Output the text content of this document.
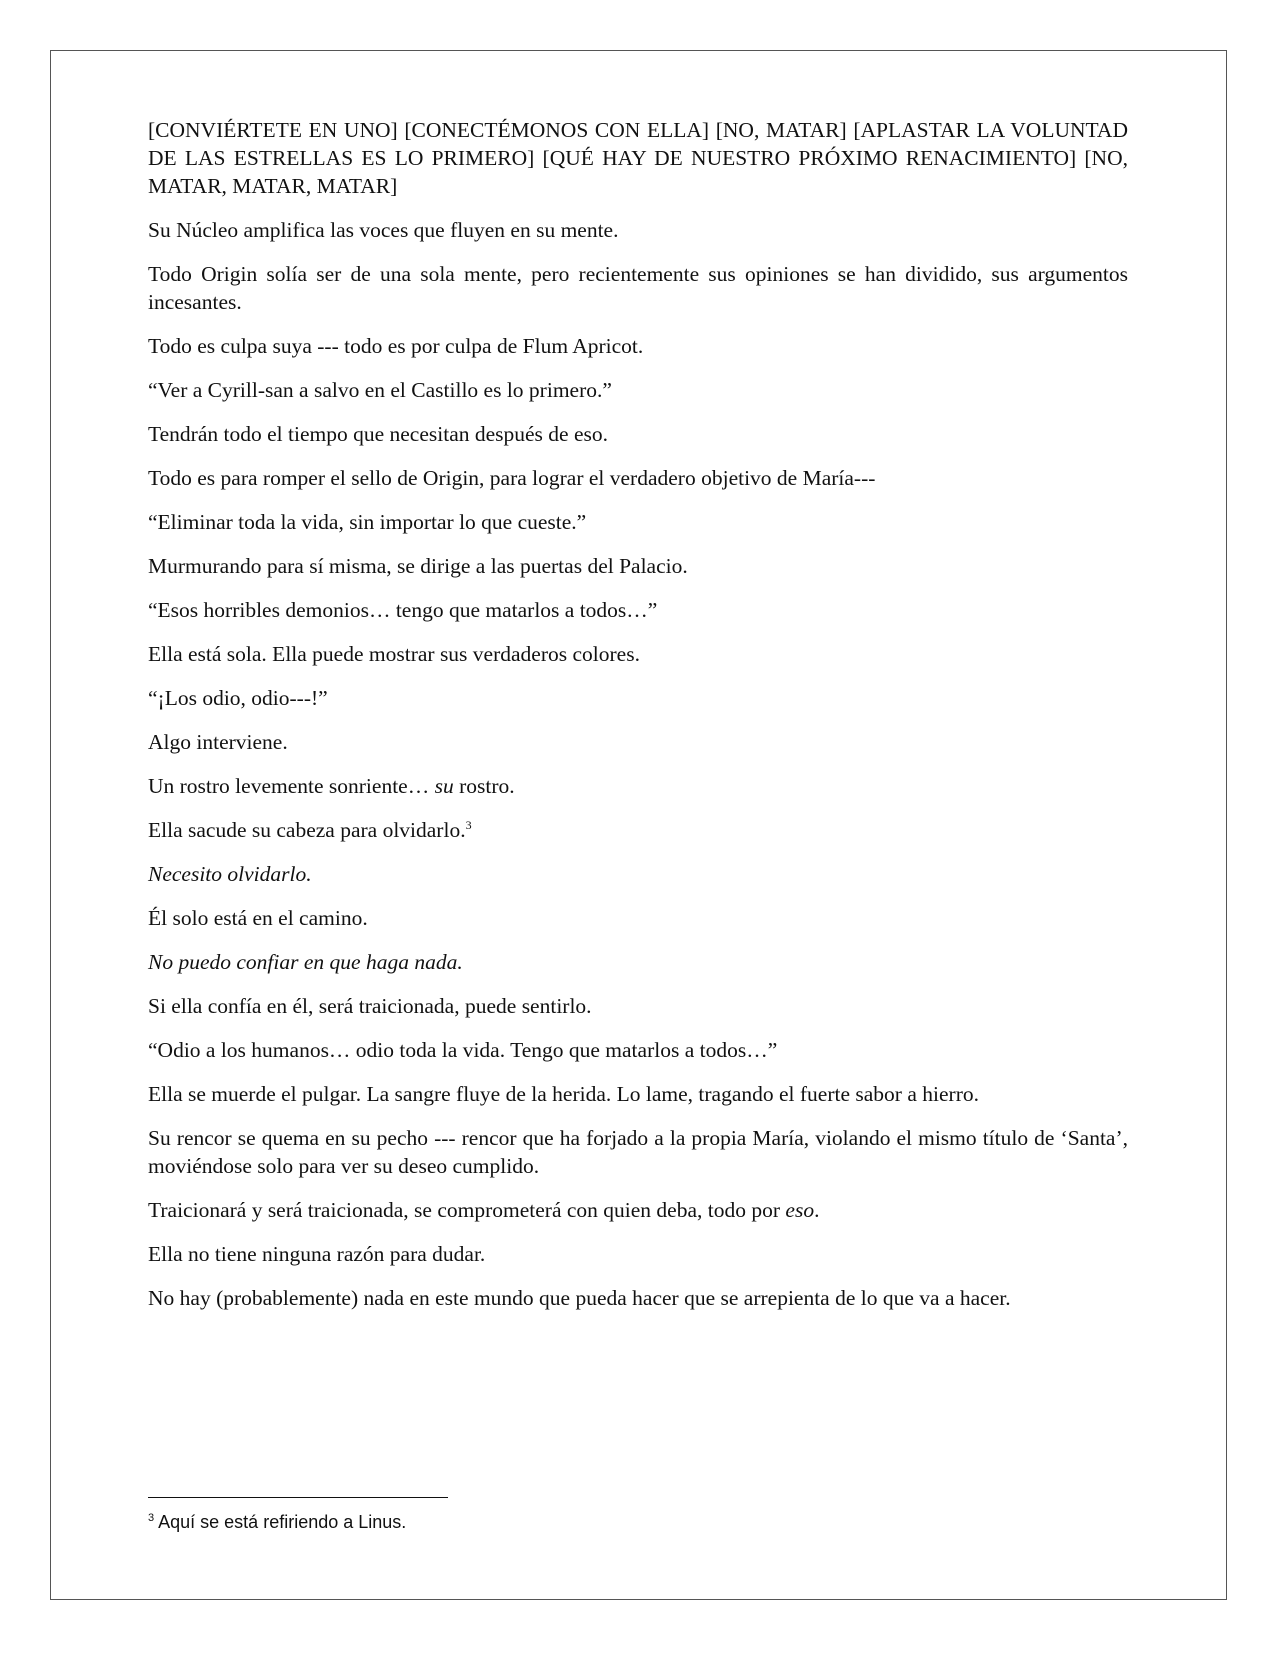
[CONVIÉRTETE EN UNO] [CONECTÉMONOS CON ELLA] [NO, MATAR] [APLASTAR LA VOLUNTAD DE LAS ESTRELLAS ES LO PRIMERO] [QUÉ HAY DE NUESTRO PRÓXIMO RENACIMIENTO] [NO, MATAR, MATAR, MATAR]

Su Núcleo amplifica las voces que fluyen en su mente.

Todo Origin solía ser de una sola mente, pero recientemente sus opiniones se han dividido, sus argumentos incesantes.

Todo es culpa suya --- todo es por culpa de Flum Apricot.

“Ver a Cyrill-san a salvo en el Castillo es lo primero.”

Tendrán todo el tiempo que necesitan después de eso.

Todo es para romper el sello de Origin, para lograr el verdadero objetivo de María---

“Eliminar toda la vida, sin importar lo que cueste.”

Murmurando para sí misma, se dirige a las puertas del Palacio.

“Esos horribles demonios… tengo que matarlos a todos…”

Ella está sola. Ella puede mostrar sus verdaderos colores.

“¡Los odio, odio---!”

Algo interviene.

Un rostro levemente sonriente… su rostro.

Ella sacude su cabeza para olvidarlo.$^3$

Necesito olvidarlo.

Él solo está en el camino.

No puedo confiar en que haga nada.

Si ella confía en él, será traicionada, puede sentirlo.

“Odio a los humanos… odio toda la vida. Tengo que matarlos a todos…”

Ella se muerde el pulgar. La sangre fluye de la herida. Lo lame, tragando el fuerte sabor a hierro.

Su rencor se quema en su pecho --- rencor que ha forjado a la propia María, violando el mismo título de ‘Santa’, moviéndose solo para ver su deseo cumplido.

Traicionará y será traicionada, se comprometerá con quien deba, todo por eso.

Ella no tiene ninguna razón para dudar.

No hay (probablemente) nada en este mundo que pueda hacer que se arrepienta de lo que va a hacer.

$^3$ Aquí se está refiriendo a Linus.
